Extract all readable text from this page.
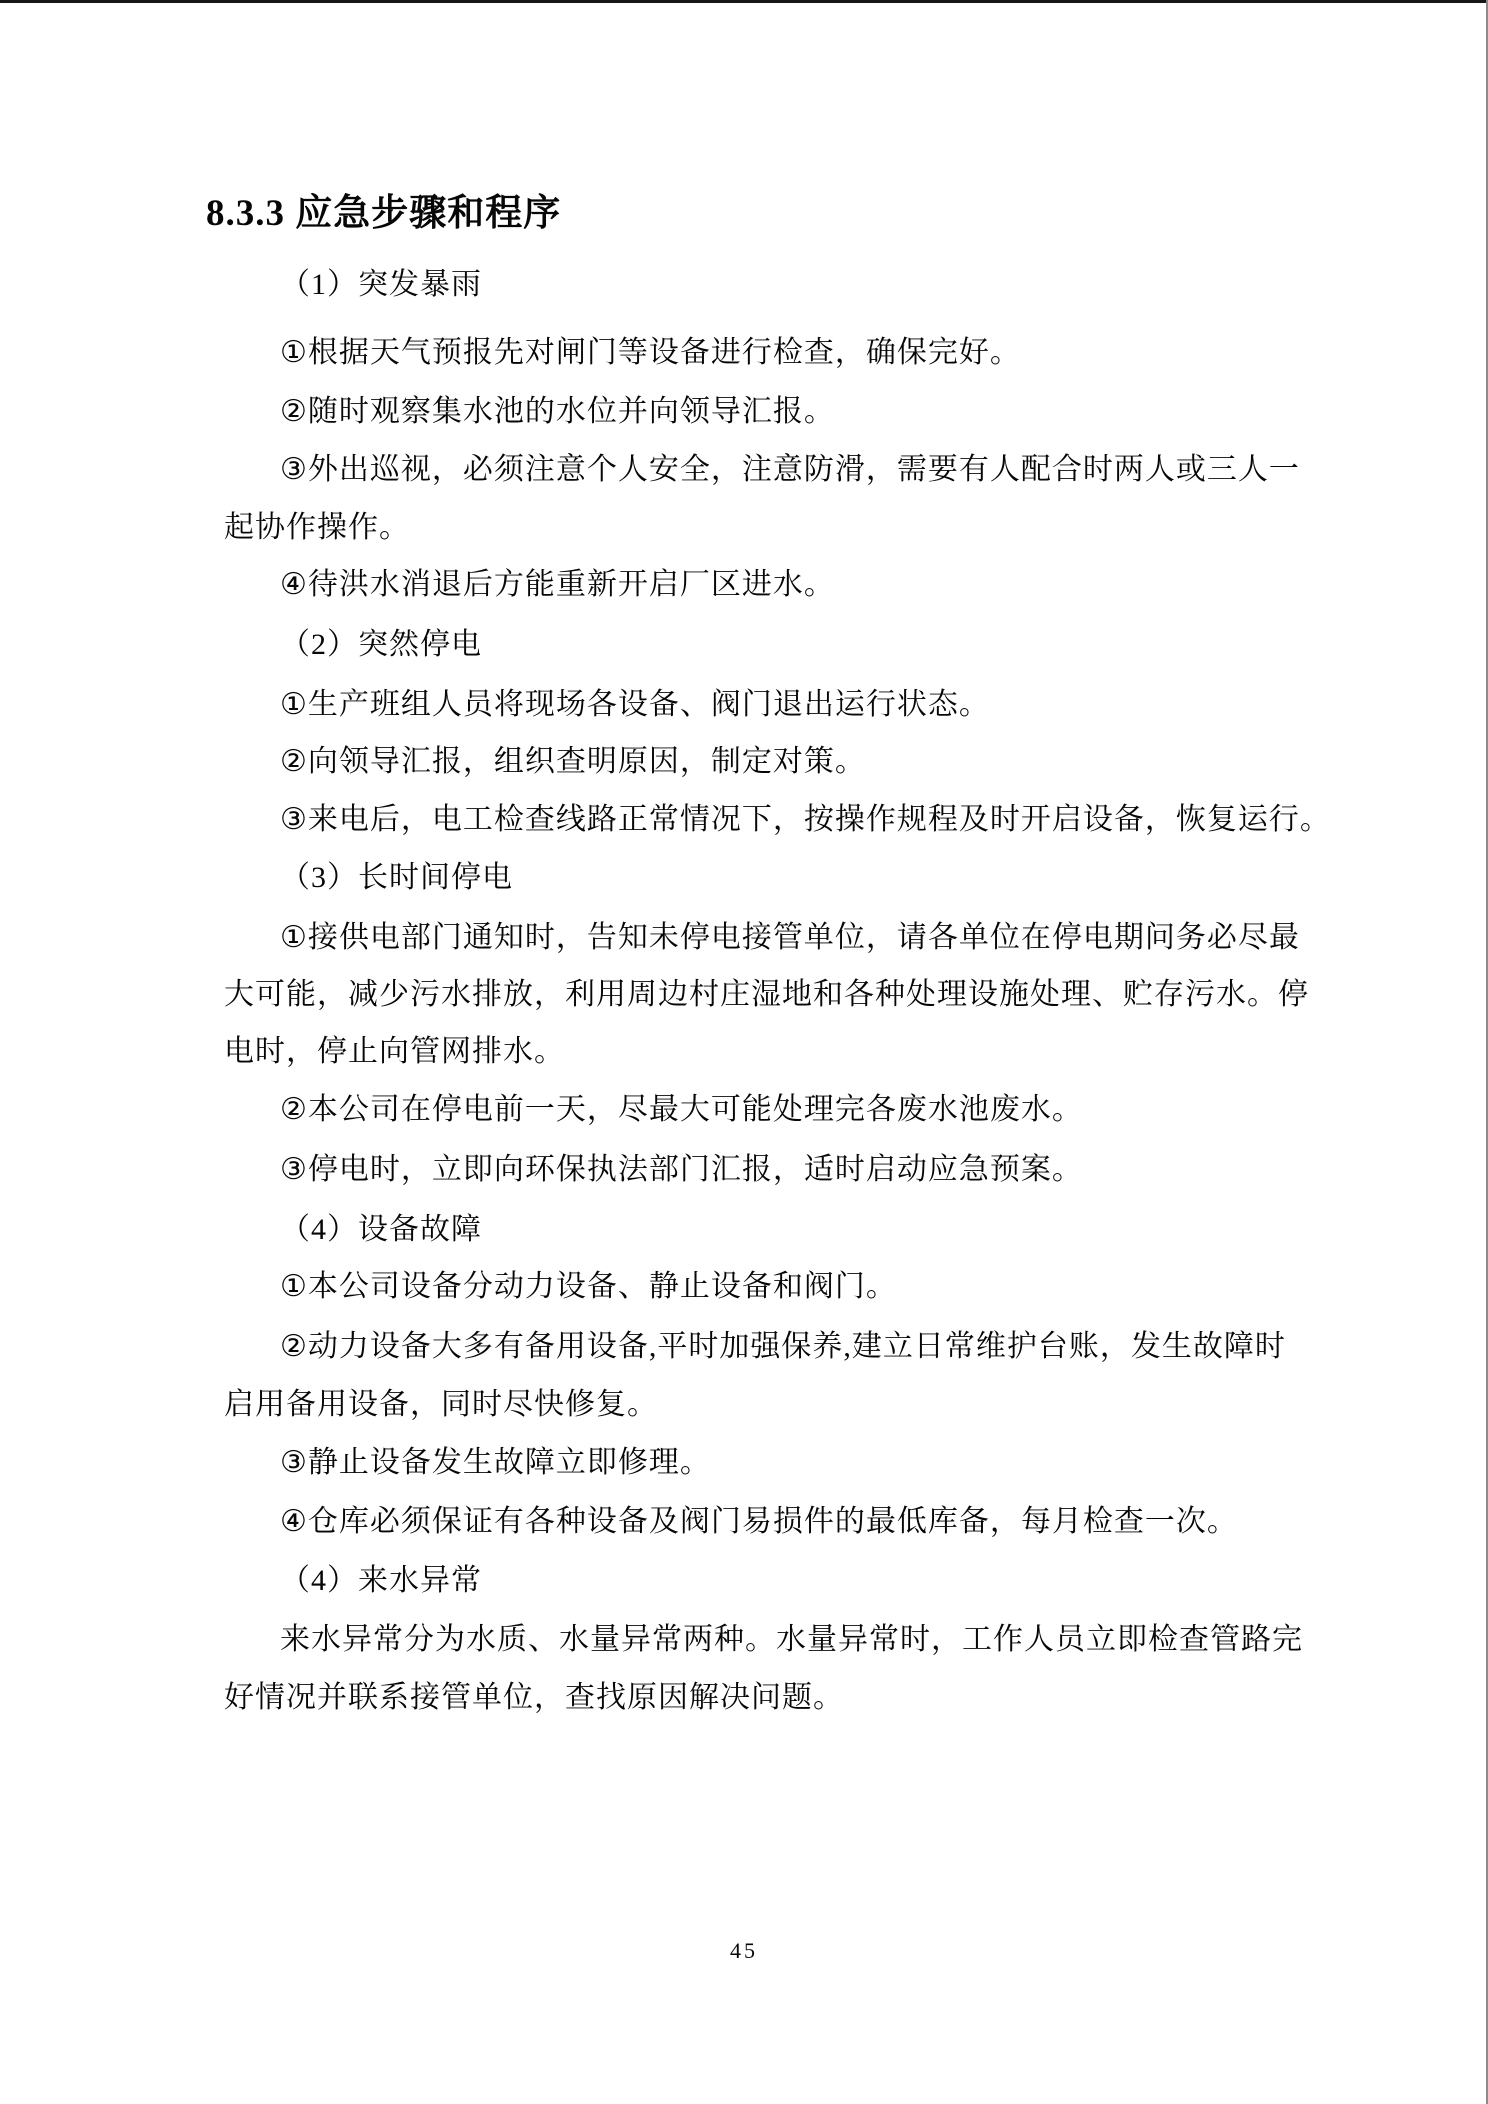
8.3.3 应急步骤和程序
（1）突发暴雨
①根据天气预报先对闸门等设备进行检查，确保完好。
②随时观察集水池的水位并向领导汇报。
③外出巡视，必须注意个人安全，注意防滑，需要有人配合时两人或三人一
起协作操作。
④待洪水消退后方能重新开启厂区进水。
（2）突然停电
①生产班组人员将现场各设备、阀门退出运行状态。
②向领导汇报，组织查明原因，制定对策。
③来电后，电工检查线路正常情况下，按操作规程及时开启设备，恢复运行。
（3）长时间停电
①接供电部门通知时，告知未停电接管单位，请各单位在停电期问务必尽最
大可能，减少污水排放，利用周边村庄湿地和各种处理设施处理、贮存污水。停
电时，停止向管网排水。
②本公司在停电前一天，尽最大可能处理完各废水池废水。
③停电时，立即向环保执法部门汇报，适时启动应急预案。
（4）设备故障
①本公司设备分动力设备、静止设备和阀门。
②动力设备大多有备用设备,平时加强保养,建立日常维护台账，发生故障时
启用备用设备，同时尽快修复。
③静止设备发生故障立即修理。
④仓库必须保证有各种设备及阀门易损件的最低库备，每月检查一次。
（4）来水异常
来水异常分为水质、水量异常两种。水量异常时，工作人员立即检查管路完
好情况并联系接管单位，查找原因解决问题。
45
